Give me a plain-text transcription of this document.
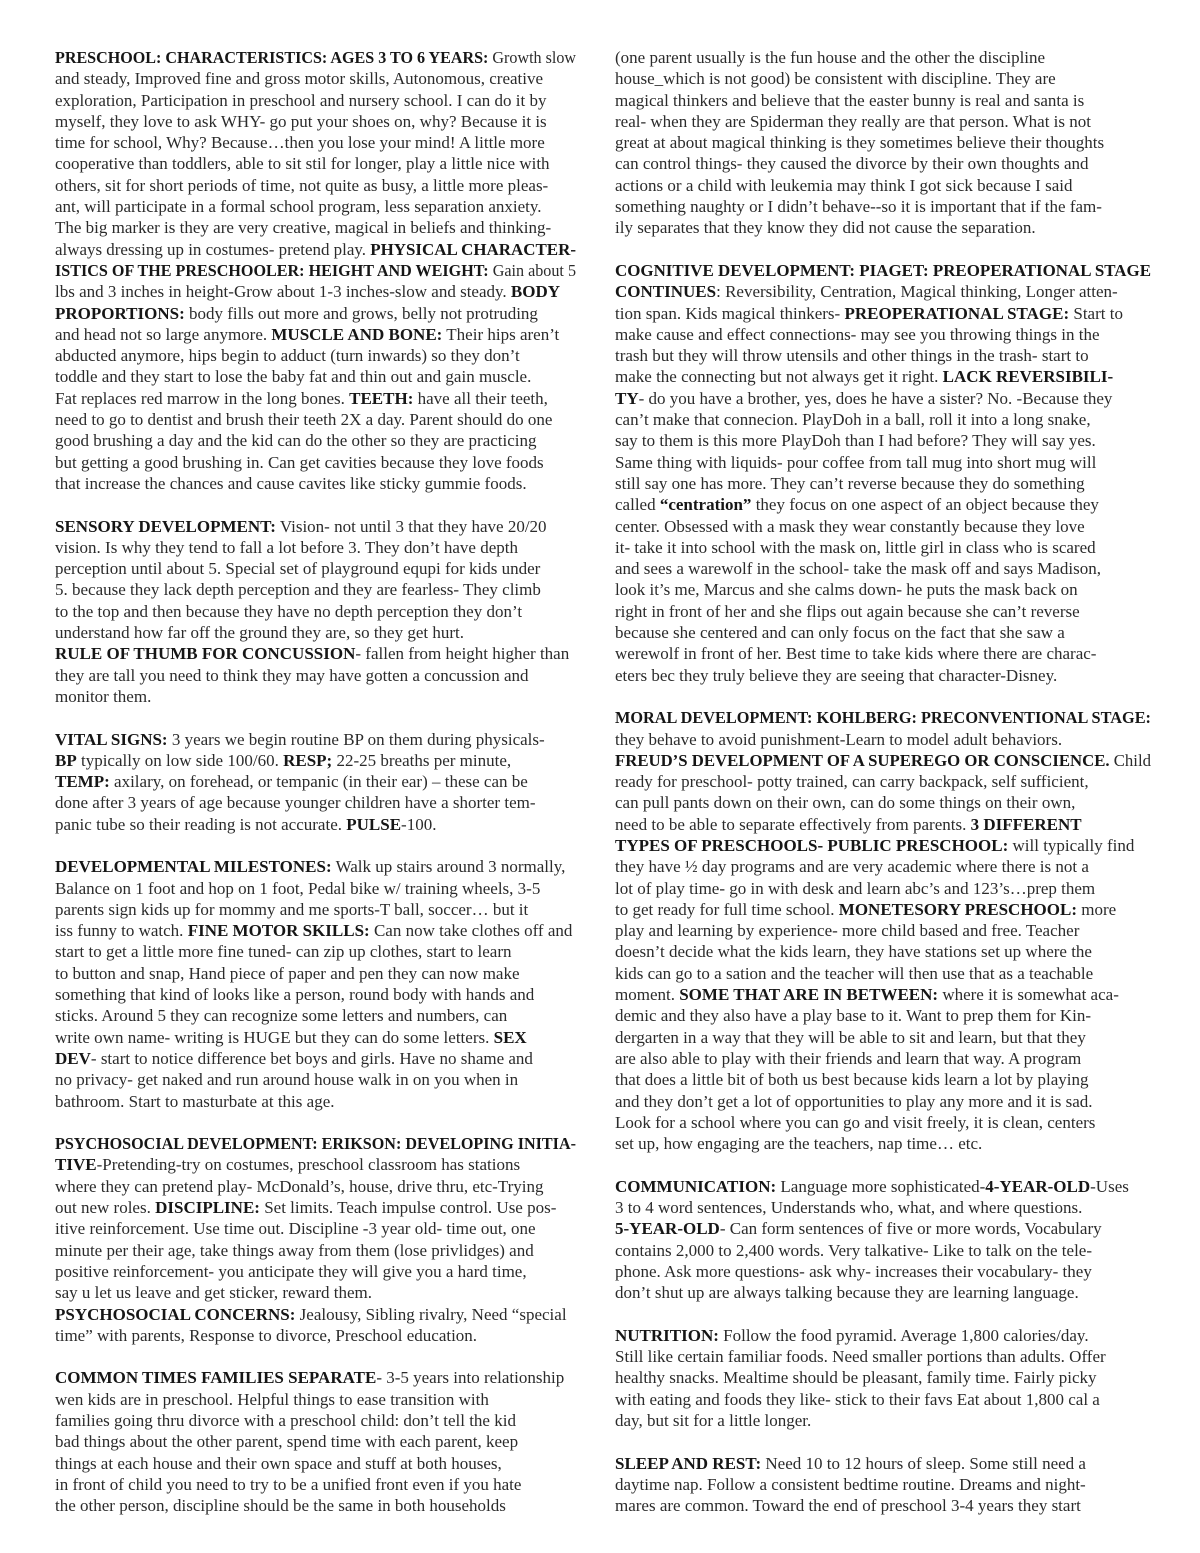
PRESCHOOL: CHARACTERISTICS: AGES 3 TO 6 YEARS: Growth slow
and steady, Improved fine and gross motor skills, Autonomous, creative
exploration, Participation in preschool and nursery school. I can do it by
myself, they love to ask WHY- go put your shoes on, why? Because it is
time for school, Why? Because…then you lose your mind! A little more
cooperative than toddlers, able to sit stil for longer, play a little nice with
others, sit for short periods of time, not quite as busy, a little more pleas-
ant, will participate in a formal school program, less separation anxiety.
The big marker is they are very creative, magical in beliefs and thinking-
always dressing up in costumes- pretend play. PHYSICAL CHARACTER-
ISTICS OF THE PRESCHOOLER: HEIGHT AND WEIGHT: Gain about 5
lbs and 3 inches in height-Grow about 1-3 inches-slow and steady. BODY
PROPORTIONS: body fills out more and grows, belly not protruding
and head not so large anymore. MUSCLE AND BONE: Their hips aren’t
abducted anymore, hips begin to adduct (turn inwards) so they don’t
toddle and they start to lose the baby fat and thin out and gain muscle.
Fat replaces red marrow in the long bones. TEETH: have all their teeth,
need to go to dentist and brush their teeth 2X a day. Parent should do one
good brushing a day and the kid can do the other so they are practicing
but getting a good brushing in. Can get cavities because they love foods
that increase the chances and cause cavites like sticky gummie foods.
SENSORY DEVELOPMENT: Vision- not until 3 that they have 20/20
vision. Is why they tend to fall a lot before 3. They don’t have depth
perception until about 5. Special set of playground equpi for kids under
5. because they lack depth perception and they are fearless- They climb
to the top and then because they have no depth perception they don’t
understand how far off the ground they are, so they get hurt.
RULE OF THUMB FOR CONCUSSION- fallen from height higher than
they are tall you need to think they may have gotten a concussion and
monitor them.
VITAL SIGNS: 3 years we begin routine BP on them during physicals-
BP typically on low side 100/60. RESP; 22-25 breaths per minute,
TEMP: axilary, on forehead, or tempanic (in their ear) – these can be
done after 3 years of age because younger children have a shorter tem-
panic tube so their reading is not accurate. PULSE-100.
DEVELOPMENTAL MILESTONES: Walk up stairs around 3 normally,
Balance on 1 foot and hop on 1 foot, Pedal bike w/ training wheels, 3-5
parents sign kids up for mommy and me sports-T ball, soccer… but it
iss funny to watch. FINE MOTOR SKILLS: Can now take clothes off and
start to get a little more fine tuned- can zip up clothes, start to learn
to button and snap, Hand piece of paper and pen they can now make
something that kind of looks like a person, round body with hands and
sticks. Around 5 they can recognize some letters and numbers, can
write own name- writing is HUGE but they can do some letters. SEX
DEV- start to notice difference bet boys and girls. Have no shame and
no privacy- get naked and run around house walk in on you when in
bathroom. Start to masturbate at this age.
PSYCHOSOCIAL DEVELOPMENT: ERIKSON: DEVELOPING INITIA-
TIVE-Pretending-try on costumes, preschool classroom has stations
where they can pretend play- McDonald’s, house, drive thru, etc-Trying
out new roles. DISCIPLINE: Set limits. Teach impulse control. Use pos-
itive reinforcement. Use time out. Discipline -3 year old- time out, one
minute per their age, take things away from them (lose privlidges) and
positive reinforcement- you anticipate they will give you a hard time,
say u let us leave and get sticker, reward them.
PSYCHOSOCIAL CONCERNS: Jealousy, Sibling rivalry, Need “special
time” with parents, Response to divorce, Preschool education.
COMMON TIMES FAMILIES SEPARATE- 3-5 years into relationship
wen kids are in preschool. Helpful things to ease transition with
families going thru divorce with a preschool child: don’t tell the kid
bad things about the other parent, spend time with each parent, keep
things at each house and their own space and stuff at both houses,
in front of child you need to try to be a unified front even if you hate
the other person, discipline should be the same in both households
(one parent usually is the fun house and the other the discipline
house_which is not good) be consistent with discipline. They are
magical thinkers and believe that the easter bunny is real and santa is
real- when they are Spiderman they really are that person. What is not
great at about magical thinking is they sometimes believe their thoughts
can control things- they caused the divorce by their own thoughts and
actions or a child with leukemia may think I got sick because I said
something naughty or I didn’t behave--so it is important that if the fam-
ily separates that they know they did not cause the separation.
COGNITIVE DEVELOPMENT: PIAGET: PREOPERATIONAL STAGE
CONTINUES: Reversibility, Centration, Magical thinking, Longer atten-
tion span. Kids magical thinkers- PREOPERATIONAL STAGE: Start to
make cause and effect connections- may see you throwing things in the
trash but they will throw utensils and other things in the trash- start to
make the connecting but not always get it right. LACK REVERSIBILI-
TY- do you have a brother, yes, does he have a sister? No. -Because they
can’t make that connecion. PlayDoh in a ball, roll it into a long snake,
say to them is this more PlayDoh than I had before? They will say yes.
Same thing with liquids- pour coffee from tall mug into short mug will
still say one has more. They can’t reverse because they do something
called “centration” they focus on one aspect of an object because they
center. Obsessed with a mask they wear constantly because they love
it- take it into school with the mask on, little girl in class who is scared
and sees a warewolf in the school- take the mask off and says Madison,
look it’s me, Marcus and she calms down- he puts the mask back on
right in front of her and she flips out again because she can’t reverse
because she centered and can only focus on the fact that she saw a
werewolf in front of her. Best time to take kids where there are charac-
eters bec they truly believe they are seeing that character-Disney.
MORAL DEVELOPMENT: KOHLBERG: PRECONVENTIONAL STAGE:
they behave to avoid punishment-Learn to model adult behaviors.
FREUD’S DEVELOPMENT OF A SUPEREGO OR CONSCIENCE. Child
ready for preschool- potty trained, can carry backpack, self sufficient,
can pull pants down on their own, can do some things on their own,
need to be able to separate effectively from parents. 3 DIFFERENT
TYPES OF PRESCHOOLS- PUBLIC PRESCHOOL: will typically find
they have ½ day programs and are very academic where there is not a
lot of play time- go in with desk and learn abc’s and 123’s…prep them
to get ready for full time school. MONETESORY PRESCHOOL: more
play and learning by experience- more child based and free. Teacher
doesn’t decide what the kids learn, they have stations set up where the
kids can go to a sation and the teacher will then use that as a teachable
moment. SOME THAT ARE IN BETWEEN: where it is somewhat aca-
demic and they also have a play base to it. Want to prep them for Kin-
dergarten in a way that they will be able to sit and learn, but that they
are also able to play with their friends and learn that way. A program
that does a little bit of both us best because kids learn a lot by playing
and they don’t get a lot of opportunities to play any more and it is sad.
Look for a school where you can go and visit freely, it is clean, centers
set up, how engaging are the teachers, nap time… etc.
COMMUNICATION: Language more sophisticated-4-YEAR-OLD-Uses
3 to 4 word sentences, Understands who, what, and where questions.
5-YEAR-OLD- Can form sentences of five or more words, Vocabulary
contains 2,000 to 2,400 words. Very talkative- Like to talk on the tele-
phone. Ask more questions- ask why- increases their vocabulary- they
don’t shut up are always talking because they are learning language.
NUTRITION: Follow the food pyramid. Average 1,800 calories/day.
Still like certain familiar foods. Need smaller portions than adults. Offer
healthy snacks. Mealtime should be pleasant, family time. Fairly picky
with eating and foods they like- stick to their favs Eat about 1,800 cal a
day, but sit for a little longer.
SLEEP AND REST: Need 10 to 12 hours of sleep. Some still need a
daytime nap. Follow a consistent bedtime routine. Dreams and night-
mares are common. Toward the end of preschool 3-4 years they start
